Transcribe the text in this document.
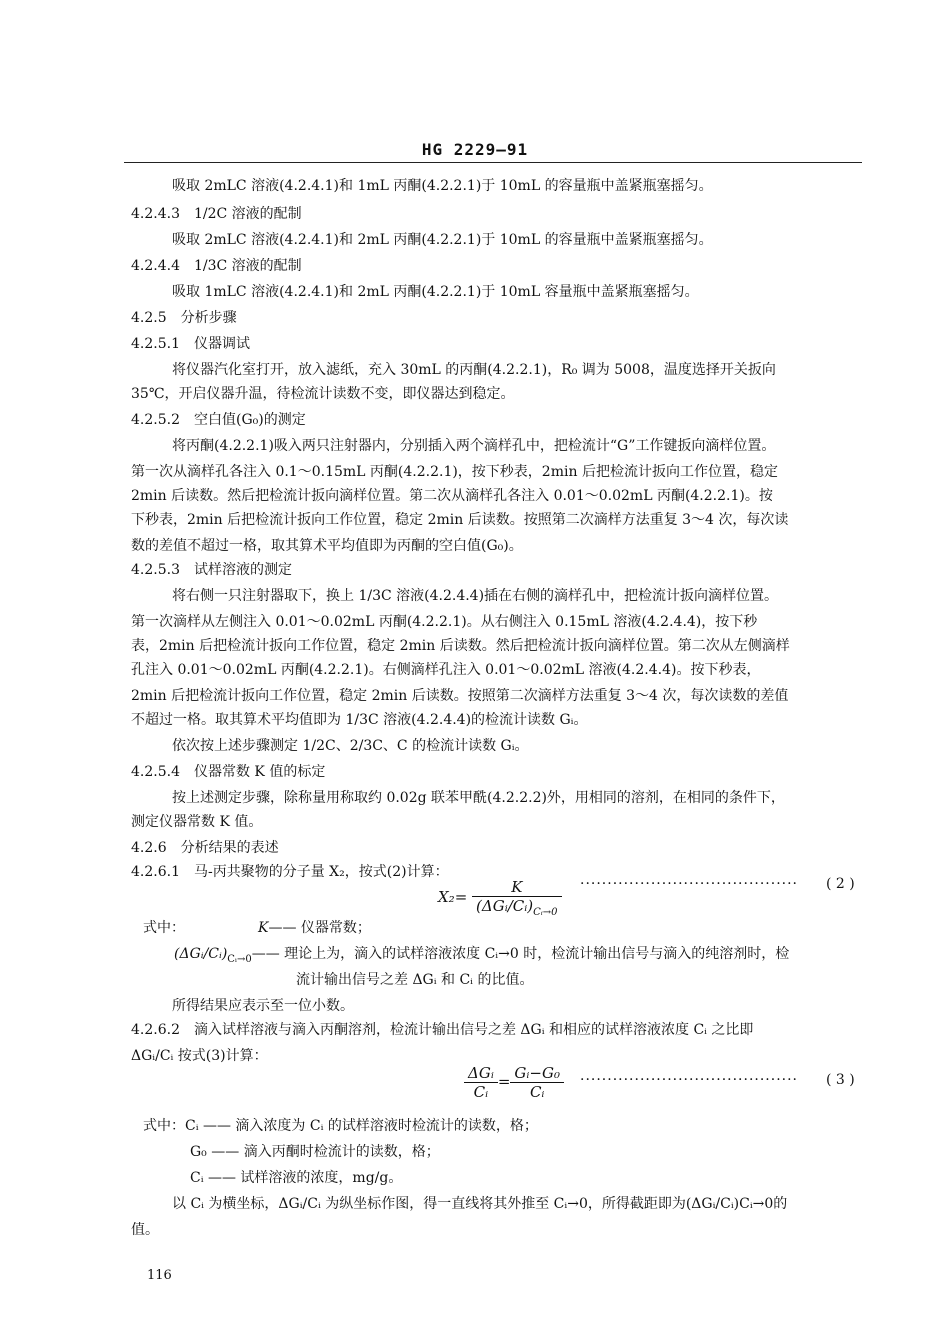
HG 2229—91
吸取 2mLC 溶液(4.2.4.1)和 1mL 丙酮(4.2.2.1)于 10mL 的容量瓶中盖紧瓶塞摇匀。
4.2.4.3　1/2C 溶液的配制
吸取 2mLC 溶液(4.2.4.1)和 2mL 丙酮(4.2.2.1)于 10mL 的容量瓶中盖紧瓶塞摇匀。
4.2.4.4　1/3C 溶液的配制
吸取 1mLC 溶液(4.2.4.1)和 2mL 丙酮(4.2.2.1)于 10mL 容量瓶中盖紧瓶塞摇匀。
4.2.5　分析步骤
4.2.5.1　仪器调试
将仪器汽化室打开，放入滤纸，充入 30mL 的丙酮(4.2.2.1)，R₀ 调为 5008，温度选择开关扳向
35℃，开启仪器升温，待检流计读数不变，即仪器达到稳定。
4.2.5.2　空白值(G₀)的测定
将丙酮(4.2.2.1)吸入两只注射器内，分别插入两个滴样孔中，把检流计“G”工作键扳向滴样位置。
第一次从滴样孔各注入 0.1～0.15mL 丙酮(4.2.2.1)，按下秒表，2min 后把检流计扳向工作位置，稳定
2min 后读数。然后把检流计扳向滴样位置。第二次从滴样孔各注入 0.01～0.02mL 丙酮(4.2.2.1)。按
下秒表，2min 后把检流计扳向工作位置，稳定 2min 后读数。按照第二次滴样方法重复 3～4 次，每次读
数的差值不超过一格，取其算术平均值即为丙酮的空白值(G₀)。
4.2.5.3　试样溶液的测定
将右侧一只注射器取下，换上 1/3C 溶液(4.2.4.4)插在右侧的滴样孔中，把检流计扳向滴样位置。
第一次滴样从左侧注入 0.01～0.02mL 丙酮(4.2.2.1)。从右侧注入 0.15mL 溶液(4.2.4.4)，按下秒
表，2min 后把检流计扳向工作位置，稳定 2min 后读数。然后把检流计扳向滴样位置。第二次从左侧滴样
孔注入 0.01～0.02mL 丙酮(4.2.2.1)。右侧滴样孔注入 0.01～0.02mL 溶液(4.2.4.4)。按下秒表，
2min 后把检流计扳向工作位置，稳定 2min 后读数。按照第二次滴样方法重复 3～4 次，每次读数的差值
不超过一格。取其算术平均值即为 1/3C 溶液(4.2.4.4)的检流计读数 Gᵢ。
依次按上述步骤测定 1/2C、2/3C、C 的检流计读数 Gᵢ。
4.2.5.4　仪器常数 K 值的标定
按上述测定步骤，除称量用称取约 0.02g 联苯甲酰(4.2.2.2)外，用相同的溶剂，在相同的条件下，
测定仪器常数 K 值。
4.2.6　分析结果的表述
4.2.6.1　马-丙共聚物的分子量 X₂，按式(2)计算：
$X_2= \frac{K}{(\Delta Gᵢ/Cᵢ)_{Cᵢ\to 0}}$ ········································ ( 2 )
式中：	K—— 仪器常数；
$(\Delta Gᵢ/Cᵢ)_{Cᵢ\to 0}——$ 理论上为，滴入的试样溶液浓度 Cᵢ→0 时，检流计输出信号与滴入的纯溶剂时，检
流计输出信号之差 ΔGᵢ 和 Cᵢ 的比值。
所得结果应表示至一位小数。
4.2.6.2　滴入试样溶液与滴入丙酮溶剂，检流计输出信号之差 ΔGᵢ 和相应的试样溶液浓度 Cᵢ 之比即
ΔGᵢ/Cᵢ 按式(3)计算：
$\frac{\text{ΔGᵢ}}{\text{Cᵢ}} = \frac{\text{Gᵢ−G₀}}{\text{Cᵢ}}$ ········································ ( 3 )
式中：Cᵢ —— 滴入浓度为 Cᵢ 的试样溶液时检流计的读数，格；
G₀ —— 滴入丙酮时检流计的读数，格；
Cᵢ —— 试样溶液的浓度，mg/g。
以 Cᵢ 为横坐标，ΔGᵢ/Cᵢ 为纵坐标作图，得一直线将其外推至 Cᵢ→0，所得截距即为(ΔGᵢ/Cᵢ)Cᵢ→0的
值。
116
